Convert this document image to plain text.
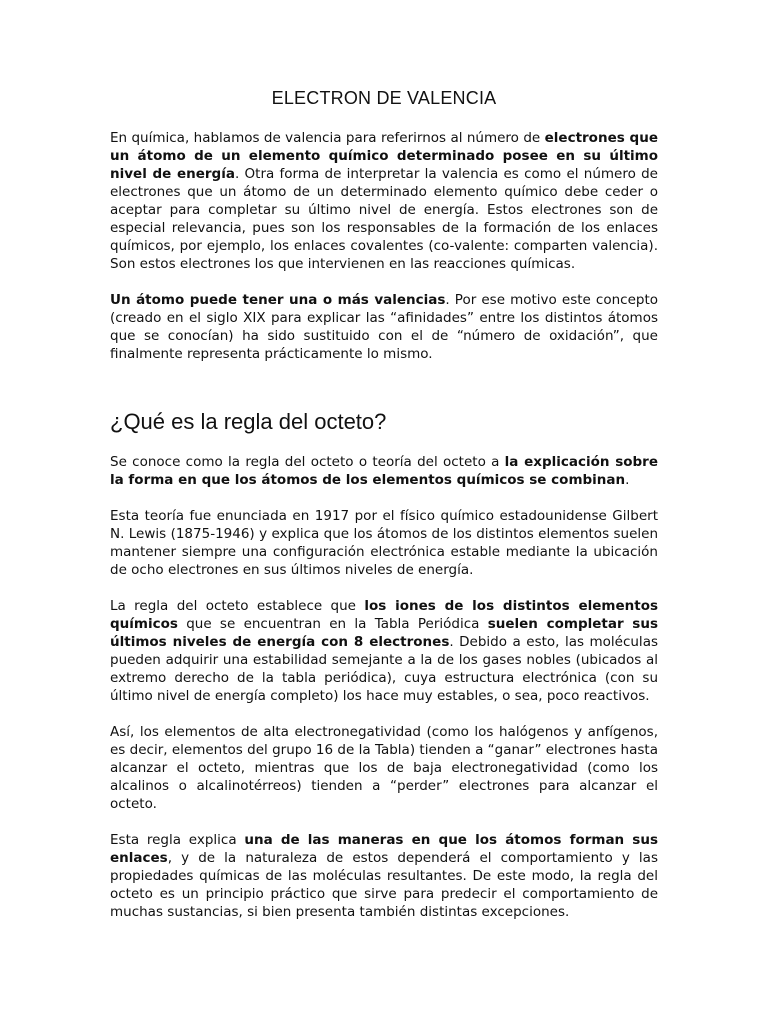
ELECTRON DE VALENCIA

En química, hablamos de valencia para referirnos al número de electrones que un átomo de un elemento químico determinado posee en su último nivel de energía. Otra forma de interpretar la valencia es como el número de electrones que un átomo de un determinado elemento químico debe ceder o aceptar para completar su último nivel de energía. Estos electrones son de especial relevancia, pues son los responsables de la formación de los enlaces químicos, por ejemplo, los enlaces covalentes (co-valente: comparten valencia). Son estos electrones los que intervienen en las reacciones químicas.

Un átomo puede tener una o más valencias. Por ese motivo este concepto (creado en el siglo XIX para explicar las “afinidades” entre los distintos átomos que se conocían) ha sido sustituido con el de “número de oxidación”, que finalmente representa prácticamente lo mismo.

¿Qué es la regla del octeto?

Se conoce como la regla del octeto o teoría del octeto a la explicación sobre la forma en que los átomos de los elementos químicos se combinan.

Esta teoría fue enunciada en 1917 por el físico químico estadounidense Gilbert N. Lewis (1875-1946) y explica que los átomos de los distintos elementos suelen mantener siempre una configuración electrónica estable mediante la ubicación de ocho electrones en sus últimos niveles de energía.

La regla del octeto establece que los iones de los distintos elementos químicos que se encuentran en la Tabla Periódica suelen completar sus últimos niveles de energía con 8 electrones. Debido a esto, las moléculas pueden adquirir una estabilidad semejante a la de los gases nobles (ubicados al extremo derecho de la tabla periódica), cuya estructura electrónica (con su último nivel de energía completo) los hace muy estables, o sea, poco reactivos.

Así, los elementos de alta electronegatividad (como los halógenos y anfígenos, es decir, elementos del grupo 16 de la Tabla) tienden a “ganar” electrones hasta alcanzar el octeto, mientras que los de baja electronegatividad (como los alcalinos o alcalinotérreos) tienden a “perder” electrones para alcanzar el octeto.

Esta regla explica una de las maneras en que los átomos forman sus enlaces, y de la naturaleza de estos dependerá el comportamiento y las propiedades químicas de las moléculas resultantes. De este modo, la regla del octeto es un principio práctico que sirve para predecir el comportamiento de muchas sustancias, si bien presenta también distintas excepciones.
